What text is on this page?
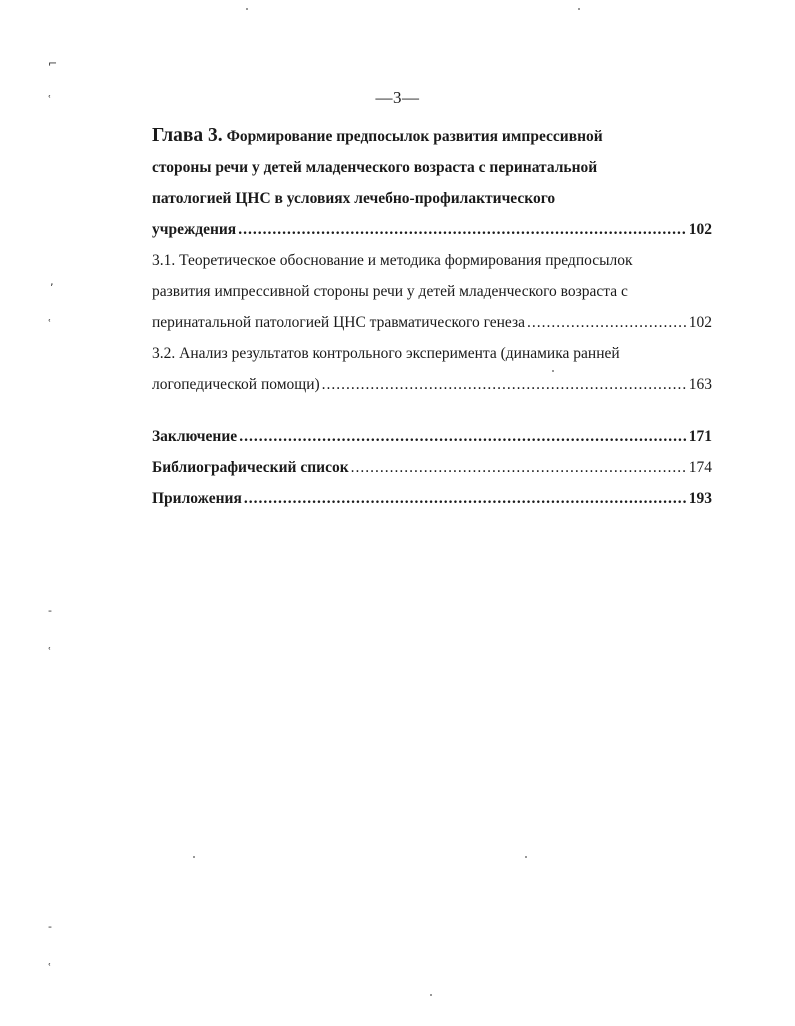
—3—
Глава 3. Формирование предпосылок развития импрессивной
стороны речи у детей младенческого возраста с перинатальной
патологией ЦНС в условиях лечебно-профилактического
учреждения .....	102
3.1. Теоретическое обоснование и методика формирования предпосылок
развития импрессивной стороны речи у детей младенческого возраста с
перинатальной патологией ЦНС травматического генеза .....	102
3.2. Анализ результатов контрольного эксперимента (динамика ранней
логопедической помощи) .....	163
Заключение .....	171
Библиографический список .....	174
Приложения .....	193
⌐
ʿ
‚
ʿ
-
ʿ
-
ʿ
